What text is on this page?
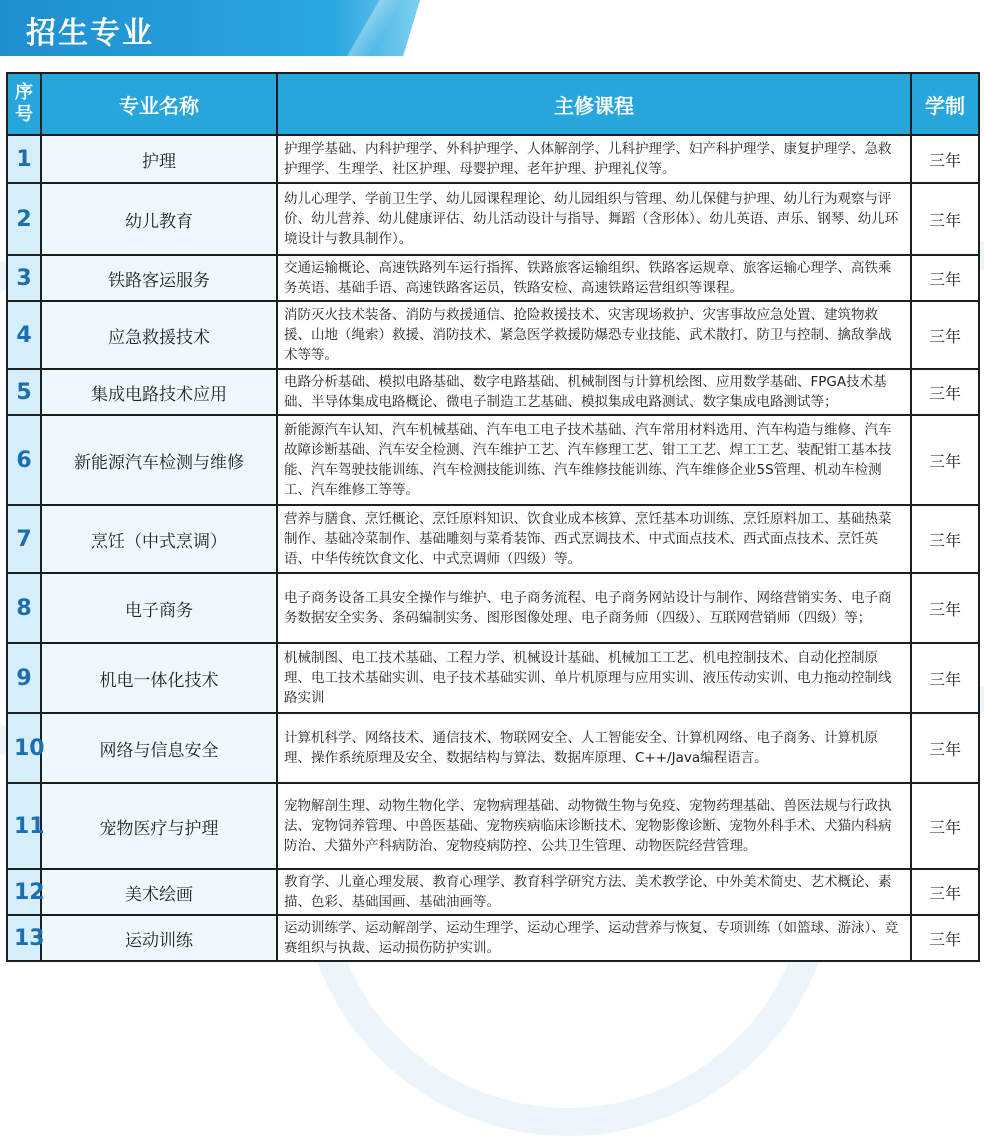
招生专业
序号	专业名称	主修课程	学制
1	护理	护理学基础、内科护理学、外科护理学、人体解剖学、儿科护理学、妇产科护理学、康复护理学、急救护理学、生理学、社区护理、母婴护理、老年护理、护理礼仪等。	三年
2	幼儿教育	幼儿心理学、学前卫生学、幼儿园课程理论、幼儿园组织与管理、幼儿保健与护理、幼儿行为观察与评价、幼儿营养、幼儿健康评估、幼儿活动设计与指导、舞蹈（含形体）、幼儿英语、声乐、钢琴、幼儿环境设计与教具制作）。	三年
3	铁路客运服务	交通运输概论、高速铁路列车运行指挥、铁路旅客运输组织、铁路客运规章、旅客运输心理学、高铁乘务英语、基础手语、高速铁路客运员，铁路安检、高速铁路运营组织等课程。	三年
4	应急救援技术	消防灭火技术装备、消防与救援通信、抢险救援技术、灾害现场救护、灾害事故应急处置、建筑物救援、山地（绳索）救援、消防技术、紧急医学救援防爆恐专业技能、武术散打、防卫与控制、擒敌拳战术等等。	三年
5	集成电路技术应用	电路分析基础、模拟电路基础、数字电路基础、机械制图与计算机绘图、应用数学基础、FPGA技术基础、半导体集成电路概论、微电子制造工艺基础、模拟集成电路测试、数字集成电路测试等；	三年
6	新能源汽车检测与维修	新能源汽车认知、汽车机械基础、汽车电工电子技术基础、汽车常用材料选用、汽车构造与维修、汽车故障诊断基础、汽车安全检测、汽车维护工艺、汽车修理工艺、钳工工艺、焊工工艺、装配钳工基本技能、汽车驾驶技能训练、汽车检测技能训练、汽车维修技能训练、汽车维修企业5S管理、机动车检测工、汽车维修工等等。	三年
7	烹饪（中式烹调）	营养与膳食、烹饪概论、烹饪原料知识、饮食业成本核算、烹饪基本功训练、烹饪原料加工、基础热菜制作、基础冷菜制作、基础雕刻与菜肴装饰、西式烹调技术、中式面点技术、西式面点技术、烹饪英语、中华传统饮食文化、中式烹调师（四级）等。	三年
8	电子商务	电子商务设备工具安全操作与维护、电子商务流程、电子商务网站设计与制作、网络营销实务、电子商务数据安全实务、条码编制实务、图形图像处理、电子商务师（四级）、互联网营销师（四级）等；	三年
9	机电一体化技术	机械制图、电工技术基础、工程力学、机械设计基础、机械加工工艺、机电控制技术、自动化控制原理、电工技术基础实训、电子技术基础实训、单片机原理与应用实训、液压传动实训、电力拖动控制线路实训	三年
10	网络与信息安全	计算机科学、网络技术、通信技术、物联网安全、人工智能安全、计算机网络、电子商务、计算机原理、操作系统原理及安全、数据结构与算法、数据库原理、C++/Java编程语言。	三年
11	宠物医疗与护理	宠物解剖生理、动物生物化学、宠物病理基础、动物微生物与免疫、宠物药理基础、兽医法规与行政执法、宠物饲养管理、中兽医基础、宠物疾病临床诊断技术、宠物影像诊断、宠物外科手术、犬猫内科病防治、犬猫外产科病防治、宠物疫病防控、公共卫生管理、动物医院经营管理。	三年
12	美术绘画	教育学、儿童心理发展、教育心理学、教育科学研究方法、美术教学论、中外美术简史、艺术概论、素描、色彩、基础国画、基础油画等。	三年
13	运动训练	运动训练学、运动解剖学、运动生理学、运动心理学、运动营养与恢复、专项训练（如篮球、游泳）、竞赛组织与执裁、运动损伤防护实训。	三年
